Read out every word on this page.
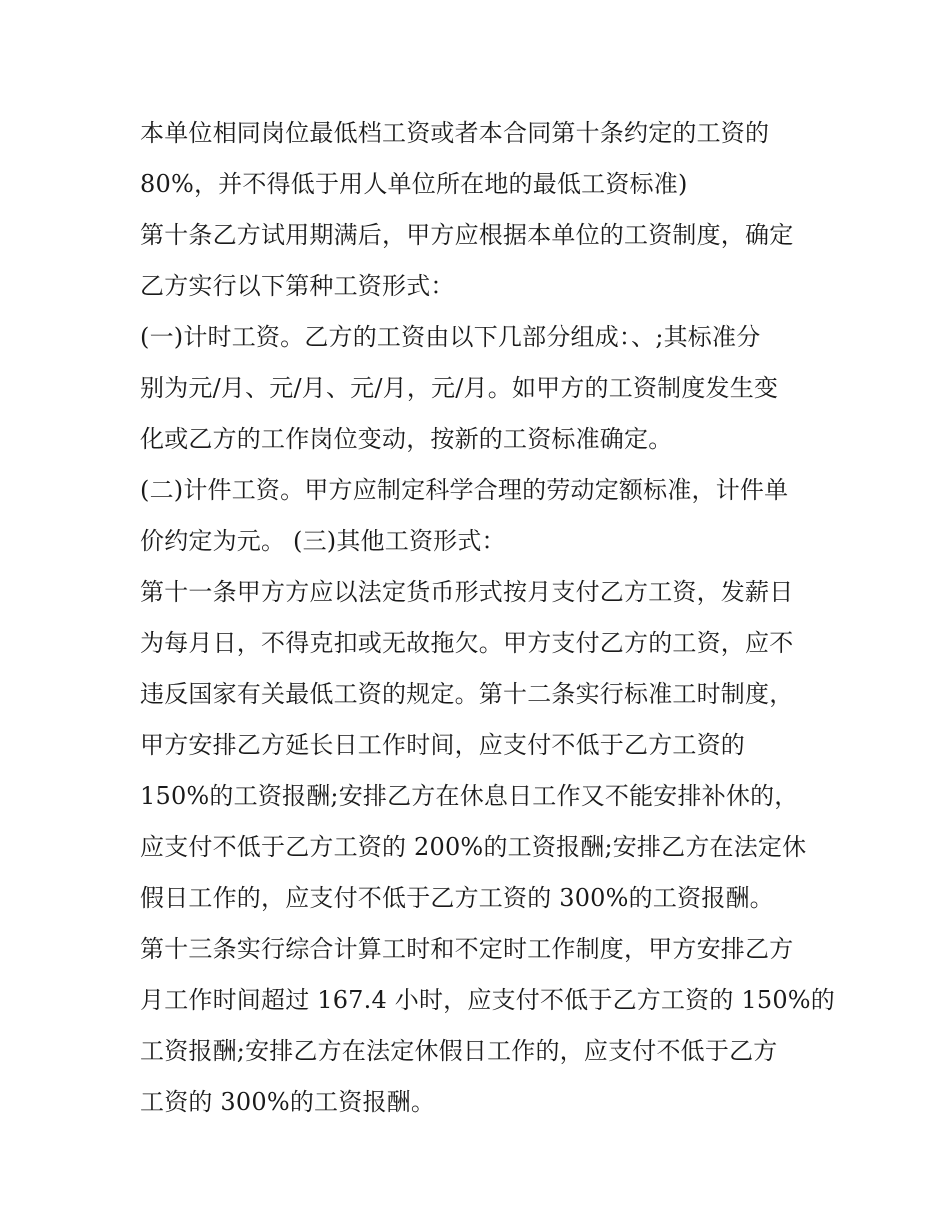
本单位相同岗位最低档工资或者本合同第十条约定的工资的
80%，并不得低于用人单位所在地的最低工资标准)
第十条乙方试用期满后，甲方应根据本单位的工资制度，确定
乙方实行以下第种工资形式：
(一)计时工资。乙方的工资由以下几部分组成：、;其标准分
别为元/月、元/月、元/月，元/月。如甲方的工资制度发生变
化或乙方的工作岗位变动，按新的工资标准确定。
(二)计件工资。甲方应制定科学合理的劳动定额标准，计件单
价约定为元。 (三)其他工资形式：
第十一条甲方方应以法定货币形式按月支付乙方工资，发薪日
为每月日，不得克扣或无故拖欠。甲方支付乙方的工资，应不
违反国家有关最低工资的规定。第十二条实行标准工时制度，
甲方安排乙方延长日工作时间，应支付不低于乙方工资的
150%的工资报酬;安排乙方在休息日工作又不能安排补休的，
应支付不低于乙方工资的 200%的工资报酬;安排乙方在法定休
假日工作的，应支付不低于乙方工资的 300%的工资报酬。
第十三条实行综合计算工时和不定时工作制度，甲方安排乙方
月工作时间超过 167.4 小时，应支付不低于乙方工资的 150%的
工资报酬;安排乙方在法定休假日工作的，应支付不低于乙方
工资的 300%的工资报酬。
